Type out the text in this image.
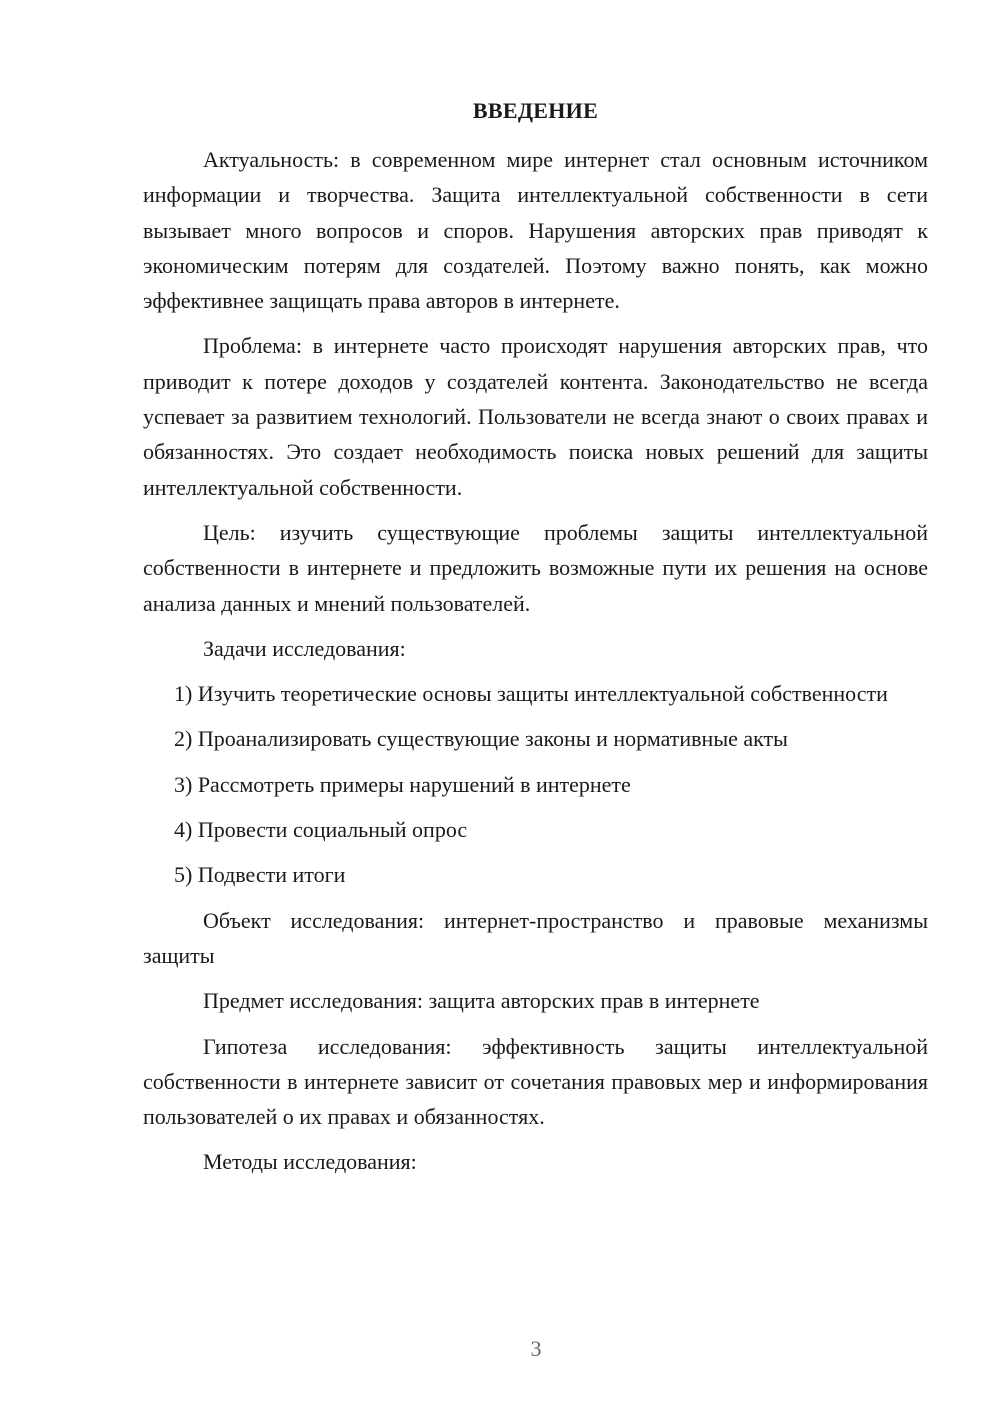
ВВЕДЕНИЕ

Актуальность: в современном мире интернет стал основным источником информации и творчества. Защита интеллектуальной собственности в сети вызывает много вопросов и споров. Нарушения авторских прав приводят к экономическим потерям для создателей. Поэтому важно понять, как можно эффективнее защищать права авторов в интернете.

Проблема: в интернете часто происходят нарушения авторских прав, что приводит к потере доходов у создателей контента. Законодательство не всегда успевает за развитием технологий. Пользователи не всегда знают о своих правах и обязанностях. Это создает необходимость поиска новых решений для защиты интеллектуальной собственности.

Цель: изучить существующие проблемы защиты интеллектуальной собственности в интернете и предложить возможные пути их решения на основе анализа данных и мнений пользователей.

Задачи исследования:

1) Изучить теоретические основы защиты интеллектуальной собственности

2) Проанализировать существующие законы и нормативные акты

3) Рассмотреть примеры нарушений в интернете

4) Провести социальный опрос

5) Подвести итоги

Объект исследования: интернет-пространство и правовые механизмы защиты

Предмет исследования: защита авторских прав в интернете

Гипотеза исследования: эффективность защиты интеллектуальной собственности в интернете зависит от сочетания правовых мер и информирования пользователей о их правах и обязанностях.

Методы исследования:

3
